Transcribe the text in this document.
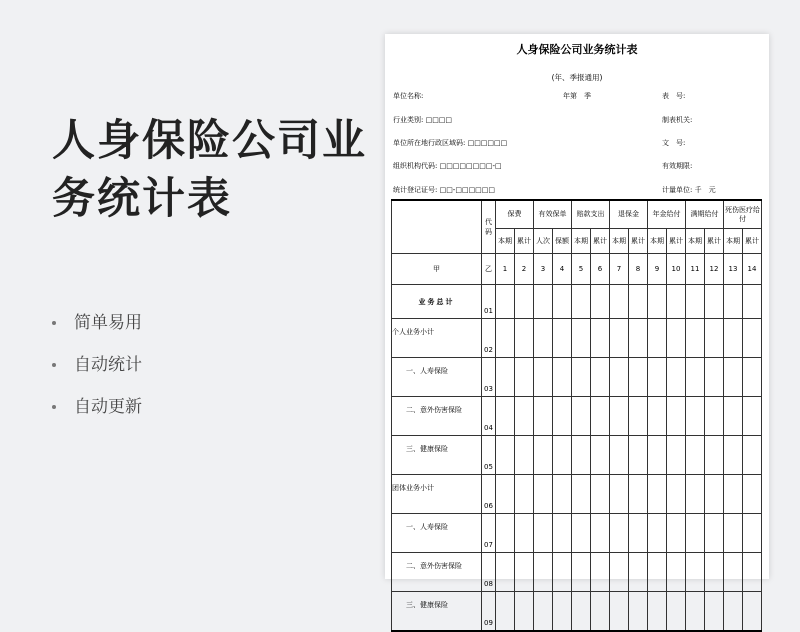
人身保险公司业
务统计表
简单易用
自动统计
自动更新
人身保险公司业务统计表
(年、季报通用)
单位名称:	年第　季	表　号:
行业类别: □□□□	制表机关:
单位所在地行政区域码: □□□□□□	文　号:
组织机构代码: □□□□□□□□-□	有效期限:
统计登记证号: □□-□□□□□□	计量单位: 千　元
	代码	保费		有效保单		赔款支出		退保金		年金给付		满期给付		死伤医疗给付	
		本期	累计	人次	保额	本期	累计	本期	累计	本期	累计	本期	累计	本期	累计
甲	乙	1	2	3	4	5	6	7	8	9	10	11	12	13	14
业务总计	01														
个人业务小计	02														
一、人寿保险	03														
二、意外伤害保险	04														
三、健康保险	05														
团体业务小计	06														
一、人寿保险	07														
二、意外伤害保险	08														
三、健康保险	09														
